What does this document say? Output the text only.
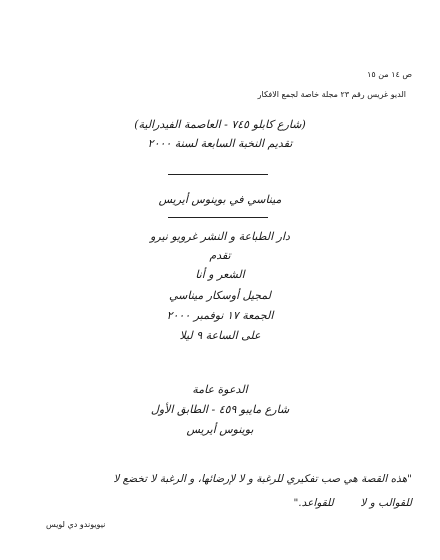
ص ١٤ من ١٥
الديو غريس رقم ٢٣ مجلة خاصة لجمع الافكار
(شارع كابلو ٧٤٥ - العاصمة الفيدرالية)
تقديم النخبة السابعة لسنة ٢٠٠٠
ميناسي في بوينوس أيريس
دار الطباعة و النشر غرويو نيرو
تقدم
الشعر و أنا
لمجيل أوسكار ميناسي
الجمعة ١٧ نوفمبر ٢٠٠٠
على الساعة ٩ ليلا
الدعوة عامة
شارع مايبو ٤٥٩ - الطابق الأول
بوينوس أيريس
"هذه القصة هي صب تفكيري للرغبة و لا لإرضائها، و الرغبة لا تخضع لا
للقوالب و لا        للقواعد."
نيويوندو دي لويس
